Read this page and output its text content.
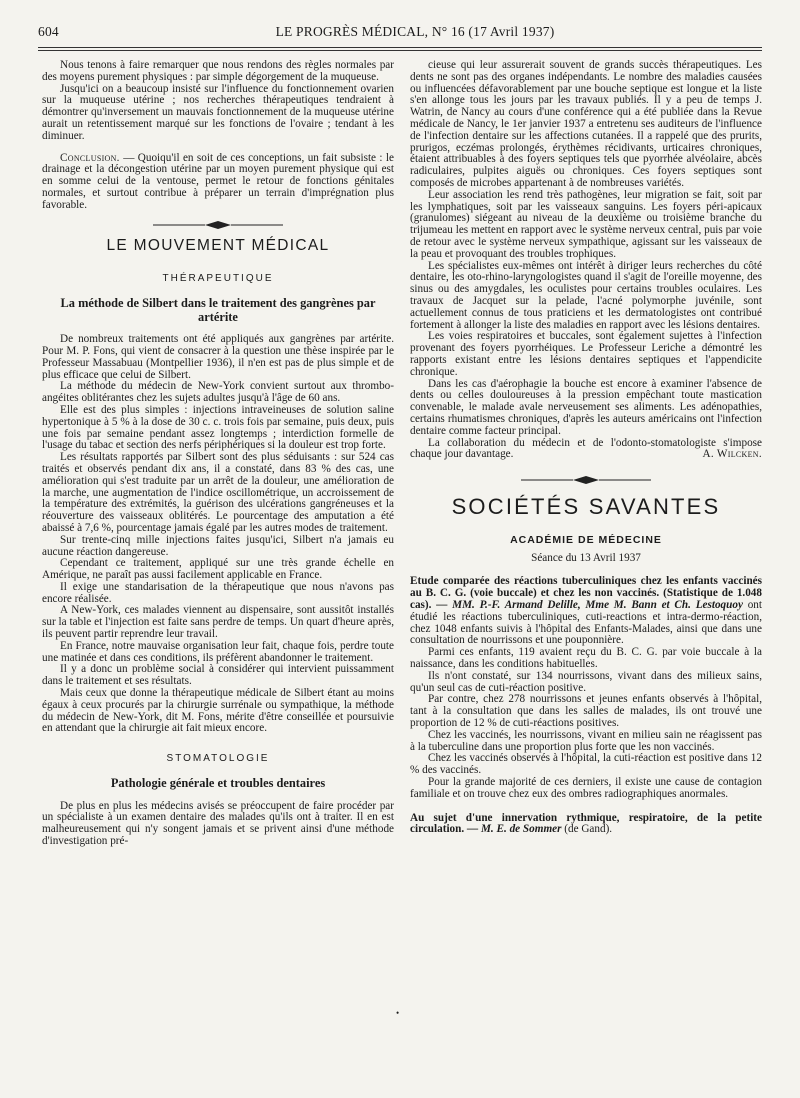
604	LE PROGRÈS MÉDICAL, N° 16 (17 Avril 1937)

Nous tenons à faire remarquer que nous rendons des règles normales par des moyens purement physiques : par simple dégorgement de la muqueuse.

Jusqu'ici on a beaucoup insisté sur l'influence du fonctionnement ovarien sur la muqueuse utérine ; nos recherches thérapeutiques tendraient à démontrer qu'inversement un mauvais fonctionnement de la muqueuse utérine aurait un retentissement marqué sur les fonctions de l'ovaire ; tendant à les diminuer.

Conclusion. — Quoiqu'il en soit de ces conceptions, un fait subsiste : le drainage et la décongestion utérine par un moyen purement physique qui est en somme celui de la ventouse, permet le retour de fonctions génitales normales, et surtout contribue à préparer un terrain d'imprégnation plus favorable.

LE MOUVEMENT MÉDICAL
THÉRAPEUTIQUE
La méthode de Silbert dans le traitement des gangrènes par artérite

De nombreux traitements ont été appliqués aux gangrènes par artérite. Pour M. P. Fons, qui vient de consacrer à la question une thèse inspirée par le Professeur Massabuau (Montpellier 1936), il n'en est pas de plus simple et de plus efficace que celui de Silbert.

La méthode du médecin de New-York convient surtout aux thrombo-angéites oblitérantes chez les sujets adultes jusqu'à l'âge de 60 ans.

Elle est des plus simples : injections intraveineuses de solution saline hypertonique à 5 % à la dose de 30 c. c. trois fois par semaine, puis deux, puis une fois par semaine pendant assez longtemps ; interdiction formelle de l'usage du tabac et section des nerfs périphériques si la douleur est trop forte.

Les résultats rapportés par Silbert sont des plus séduisants : sur 524 cas traités et observés pendant dix ans, il a constaté, dans 83 % des cas, une amélioration qui s'est traduite par un arrêt de la douleur, une amélioration de la marche, une augmentation de l'indice oscillométrique, un accroissement de la température des extrémités, la guérison des ulcérations gangréneuses et la réouverture des vaisseaux oblitérés. Le pourcentage des amputation a été abaissé à 7,6 %, pourcentage jamais égalé par les autres modes de traitement.

Sur trente-cinq mille injections faites jusqu'ici, Silbert n'a jamais eu aucune réaction dangereuse.

Cependant ce traitement, appliqué sur une très grande échelle en Amérique, ne paraît pas aussi facilement applicable en France.

Il exige une standarisation de la thérapeutique que nous n'avons pas encore réalisée.

A New-York, ces malades viennent au dispensaire, sont aussitôt installés sur la table et l'injection est faite sans perdre de temps. Un quart d'heure après, ils peuvent partir reprendre leur travail.

En France, notre mauvaise organisation leur fait, chaque fois, perdre toute une matinée et dans ces conditions, ils préfèrent abandonner le traitement.

Il y a donc un problème social à considérer qui intervient puissamment dans le traitement et ses résultats.

Mais ceux que donne la thérapeutique médicale de Silbert étant au moins égaux à ceux procurés par la chirurgie surrénale ou sympathique, la méthode du médecin de New-York, dit M. Fons, mérite d'être conseillée et poursuivie en attendant que la chirurgie ait fait mieux encore.

STOMATOLOGIE
Pathologie générale et troubles dentaires

De plus en plus les médecins avisés se préoccupent de faire procéder par un spécialiste à un examen dentaire des malades qu'ils ont à traiter. Il en est malheureusement qui n'y songent jamais et se privent ainsi d'une méthode d'investigation pré-

cieuse qui leur assurerait souvent de grands succès thérapeutiques. Les dents ne sont pas des organes indépendants. Le nombre des maladies causées ou influencées défavorablement par une bouche septique est longue et la liste s'en allonge tous les jours par les travaux publiés. Il y a peu de temps J. Watrin, de Nancy au cours d'une conférence qui a été publiée dans la Revue médicale de Nancy, le 1er janvier 1937 a entretenu ses auditeurs de l'influence de l'infection dentaire sur les affections cutanées. Il a rappelé que des prurits, prurigos, eczémas prolongés, érythèmes récidivants, urticaires chroniques, étaient attribuables à des foyers septiques tels que pyorrhée alvéolaire, abcès radiculaires, pulpites aiguës ou chroniques. Ces foyers septiques sont composés de microbes appartenant à de nombreuses variétés.

Leur association les rend très pathogènes, leur migration se fait, soit par les lymphatiques, soit par les vaisseaux sanguins. Les foyers péri-apicaux (granulomes) siégeant au niveau de la deuxième ou troisième branche du trijumeau les mettent en rapport avec le système nerveux central, puis par voie de retour avec le système nerveux sympathique, agissant sur les vaisseaux de la peau et provoquant des troubles trophiques.

Les spécialistes eux-mêmes ont intérêt à diriger leurs recherches du côté dentaire, les oto-rhino-laryngologistes quand il s'agit de l'oreille moyenne, des sinus ou des amygdales, les oculistes pour certains troubles oculaires. Les travaux de Jacquet sur la pelade, l'acné polymorphe juvénile, sont actuellement connus de tous praticiens et les dermatologistes ont contribué fortement à allonger la liste des maladies en rapport avec les lésions dentaires.

Les voies respiratoires et buccales, sont également sujettes à l'infection provenant des foyers pyorrhéiques. Le Professeur Leriche a démontré les rapports existant entre les lésions dentaires septiques et l'appendicite chronique.

Dans les cas d'aérophagie la bouche est encore à examiner l'absence de dents ou celles douloureuses à la pression empêchant toute mastication convenable, le malade avale nerveusement ses aliments. Les adénopathies, certains rhumatismes chroniques, d'après les auteurs américains ont l'infection dentaire comme facteur principal.

La collaboration du médecin et de l'odonto-stomatologiste s'impose chaque jour davantage.	A. Wilcken.

SOCIÉTÉS SAVANTES
ACADÉMIE DE MÉDECINE
Séance du 13 Avril 1937

Etude comparée des réactions tuberculiniques chez les enfants vaccinés au B. C. G. (voie buccale) et chez les non vaccinés. (Statistique de 1.048 cas). — MM. P.-F. Armand Delille, Mme M. Bann et Ch. Lestoquoy ont étudié les réactions tuberculiniques, cuti-reactions et intra-dermo-réaction, chez 1048 enfants suivis à l'hôpital des Enfants-Malades, ainsi que dans une consultation de nourrissons et une pouponnière.

Parmi ces enfants, 119 avaient reçu du B. C. G. par voie buccale à la naissance, dans les conditions habituelles.

Ils n'ont constaté, sur 134 nourrissons, vivant dans des milieux sains, qu'un seul cas de cuti-réaction positive.

Par contre, chez 278 nourrissons et jeunes enfants observés à l'hôpital, tant à la consultation que dans les salles de malades, ils ont trouvé une proportion de 12 % de cuti-réactions positives.

Chez les vaccinés, les nourrissons, vivant en milieu sain ne réagissent pas à la tuberculine dans une proportion plus forte que les non vaccinés.

Chez les vaccinés observés à l'hôpital, la cuti-réaction est positive dans 12 % des vaccinés.

Pour la grande majorité de ces derniers, il existe une cause de contagion familiale et on trouve chez eux des ombres radiographiques anormales.

Au sujet d'une innervation rythmique, respiratoire, de la petite circulation. — M. E. de Sommer (de Gand).

•
